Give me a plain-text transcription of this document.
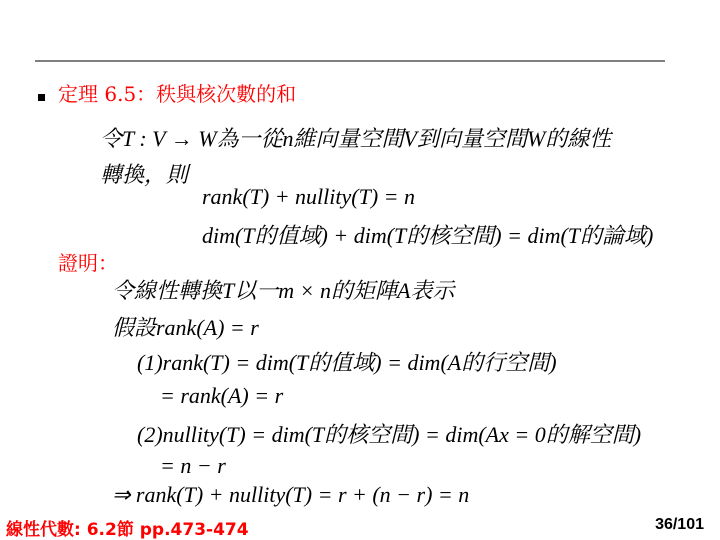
定理 6.5：秩與核次數的和
令T : V → W為一從n維向量空間V到向量空間W的線性
轉換，則
rank(T) + nullity(T) = n
dim(T的值域) + dim(T的核空間) = dim(T的論域)
證明：
令線性轉換T以一m × n的矩陣A表示
假設rank(A) = r
(1)rank(T) = dim(T的值域) = dim(A的行空間)
= rank(A) = r
(2)nullity(T) = dim(T的核空間) = dim(Ax = 0的解空間)
= n − r
⇒ rank(T) + nullity(T) = r + (n − r) = n
線性代數: 6.2節 pp.473-474	36/101
